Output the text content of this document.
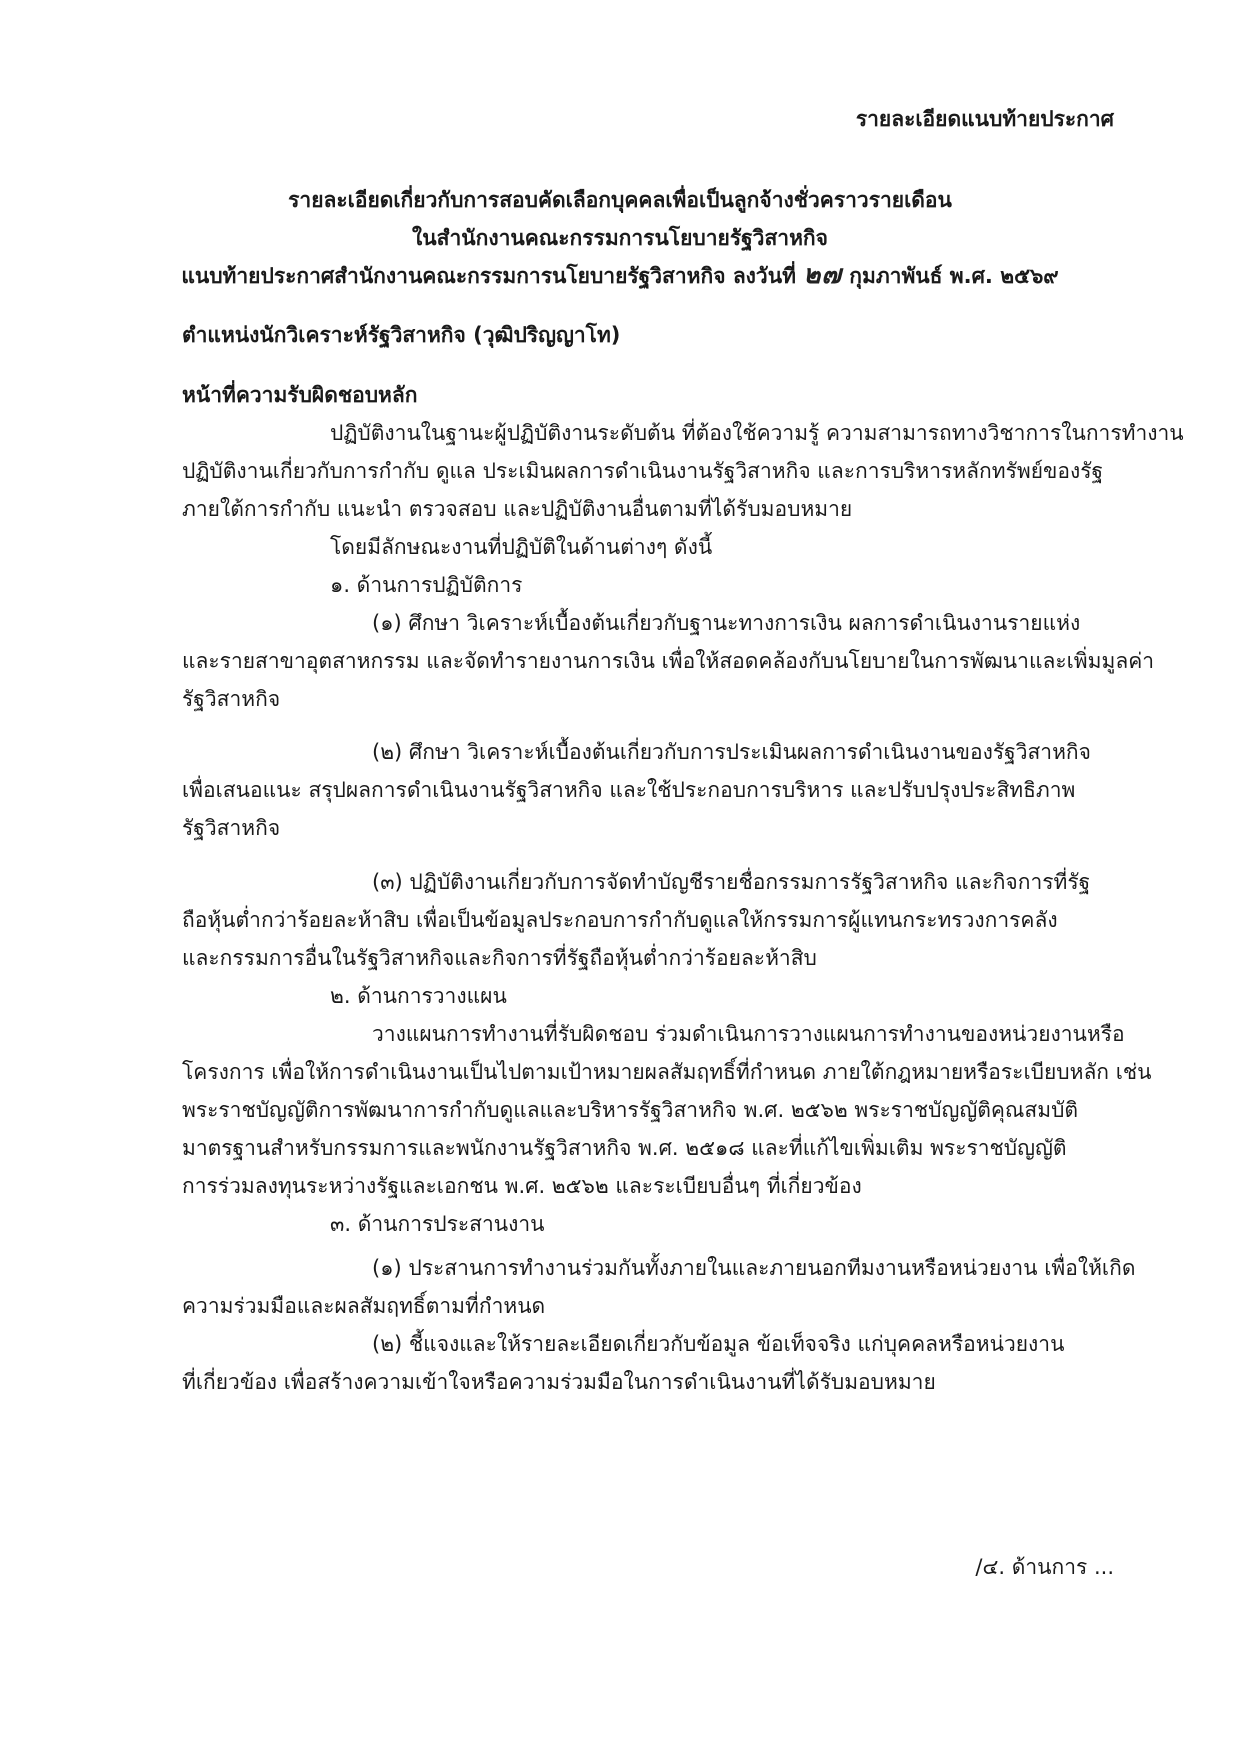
รายละเอียดแนบท้ายประกาศ
รายละเอียดเกี่ยวกับการสอบคัดเลือกบุคคลเพื่อเป็นลูกจ้างชั่วคราวรายเดือน
ในสำนักงานคณะกรรมการนโยบายรัฐวิสาหกิจ
แนบท้ายประกาศสำนักงานคณะกรรมการนโยบายรัฐวิสาหกิจ ลงวันที่ ๒๗ กุมภาพันธ์ พ.ศ. ๒๕๖๙
ตำแหน่งนักวิเคราะห์รัฐวิสาหกิจ (วุฒิปริญญาโท)
หน้าที่ความรับผิดชอบหลัก
ปฏิบัติงานในฐานะผู้ปฏิบัติงานระดับต้น ที่ต้องใช้ความรู้ ความสามารถทางวิชาการในการทำงาน
ปฏิบัติงานเกี่ยวกับการกำกับ ดูแล ประเมินผลการดำเนินงานรัฐวิสาหกิจ และการบริหารหลักทรัพย์ของรัฐ
ภายใต้การกำกับ แนะนำ ตรวจสอบ และปฏิบัติงานอื่นตามที่ได้รับมอบหมาย
โดยมีลักษณะงานที่ปฏิบัติในด้านต่างๆ ดังนี้
๑. ด้านการปฏิบัติการ
(๑) ศึกษา วิเคราะห์เบื้องต้นเกี่ยวกับฐานะทางการเงิน ผลการดำเนินงานรายแห่ง
และรายสาขาอุตสาหกรรม และจัดทำรายงานการเงิน เพื่อให้สอดคล้องกับนโยบายในการพัฒนาและเพิ่มมูลค่า
รัฐวิสาหกิจ
(๒) ศึกษา วิเคราะห์เบื้องต้นเกี่ยวกับการประเมินผลการดำเนินงานของรัฐวิสาหกิจ
เพื่อเสนอแนะ สรุปผลการดำเนินงานรัฐวิสาหกิจ และใช้ประกอบการบริหาร และปรับปรุงประสิทธิภาพ
รัฐวิสาหกิจ
(๓) ปฏิบัติงานเกี่ยวกับการจัดทำบัญชีรายชื่อกรรมการรัฐวิสาหกิจ และกิจการที่รัฐ
ถือหุ้นต่ำกว่าร้อยละห้าสิบ เพื่อเป็นข้อมูลประกอบการกำกับดูแลให้กรรมการผู้แทนกระทรวงการคลัง
และกรรมการอื่นในรัฐวิสาหกิจและกิจการที่รัฐถือหุ้นต่ำกว่าร้อยละห้าสิบ
๒. ด้านการวางแผน
วางแผนการทำงานที่รับผิดชอบ ร่วมดำเนินการวางแผนการทำงานของหน่วยงานหรือ
โครงการ เพื่อให้การดำเนินงานเป็นไปตามเป้าหมายผลสัมฤทธิ์ที่กำหนด ภายใต้กฎหมายหรือระเบียบหลัก เช่น
พระราชบัญญัติการพัฒนาการกำกับดูแลและบริหารรัฐวิสาหกิจ พ.ศ. ๒๕๖๒ พระราชบัญญัติคุณสมบัติ
มาตรฐานสำหรับกรรมการและพนักงานรัฐวิสาหกิจ พ.ศ. ๒๕๑๘ และที่แก้ไขเพิ่มเติม พระราชบัญญัติ
การร่วมลงทุนระหว่างรัฐและเอกชน พ.ศ. ๒๕๖๒ และระเบียบอื่นๆ ที่เกี่ยวข้อง
๓. ด้านการประสานงาน
(๑) ประสานการทำงานร่วมกันทั้งภายในและภายนอกทีมงานหรือหน่วยงาน เพื่อให้เกิด
ความร่วมมือและผลสัมฤทธิ์ตามที่กำหนด
(๒) ชี้แจงและให้รายละเอียดเกี่ยวกับข้อมูล ข้อเท็จจริง แก่บุคคลหรือหน่วยงาน
ที่เกี่ยวข้อง เพื่อสร้างความเข้าใจหรือความร่วมมือในการดำเนินงานที่ได้รับมอบหมาย
/๔. ด้านการ ...
